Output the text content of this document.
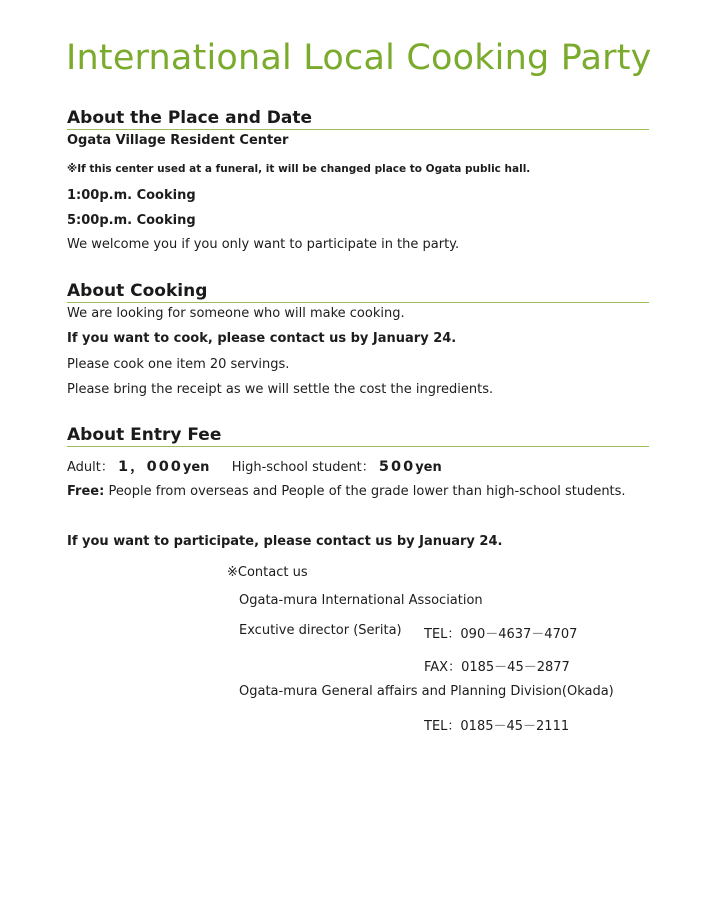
International Local Cooking Party
About the Place and Date
Ogata Village Resident Center
※If this center used at a funeral, it will be changed place to Ogata public hall.
1:00p.m. Cooking
5:00p.m. Cooking
We welcome you if you only want to participate in the party.
About Cooking
We are looking for someone who will make cooking.
If you want to cook, please contact us by January 24.
Please cook one item 20 servings.
Please bring the receipt as we will settle the cost the ingredients.
About Entry Fee
Adult： 1，000yen High-school student： 500yen
Free: People from overseas and People of the grade lower than high-school students.
If you want to participate, please contact us by January 24.
※Contact us
Ogata-mura International Association
Excutive director (Serita) TEL：090－4637－4707
FAX：0185－45－2877
Ogata-mura General affairs and Planning Division(Okada)
TEL：0185－45－2111
